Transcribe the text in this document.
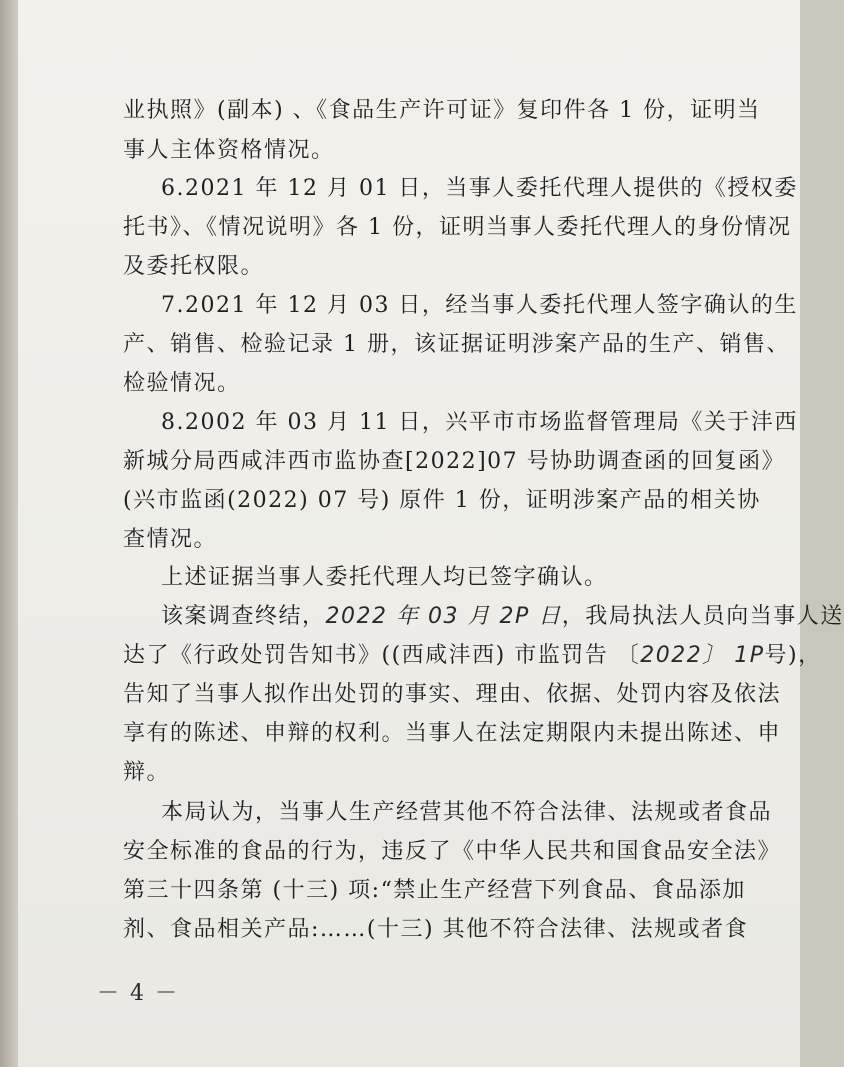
业执照》(副本) 、《食品生产许可证》复印件各 1 份，证明当
事人主体资格情况。
6.2021 年 12 月 01 日，当事人委托代理人提供的《授权委
托书》、《情况说明》各 1 份，证明当事人委托代理人的身份情况
及委托权限。
7.2021 年 12 月 03 日，经当事人委托代理人签字确认的生
产、销售、检验记录 1 册，该证据证明涉案产品的生产、销售、
检验情况。
8.2002 年 03 月 11 日，兴平市市场监督管理局《关于沣西
新城分局西咸沣西市监协查[2022]07 号协助调查函的回复函》
(兴市监函(2022) 07 号) 原件 1 份，证明涉案产品的相关协
查情况。
上述证据当事人委托代理人均已签字确认。
该案调查终结，2022 年 03 月 2P 日，我局执法人员向当事人送
达了《行政处罚告知书》((西咸沣西) 市监罚告 〔2022〕 1P号)，
告知了当事人拟作出处罚的事实、理由、依据、处罚内容及依法
享有的陈述、申辩的权利。当事人在法定期限内未提出陈述、申
辩。
本局认为，当事人生产经营其他不符合法律、法规或者食品
安全标准的食品的行为，违反了《中华人民共和国食品安全法》
第三十四条第 (十三) 项:“禁止生产经营下列食品、食品添加
剂、食品相关产品:……(十三) 其他不符合法律、法规或者食
－ 4 －
